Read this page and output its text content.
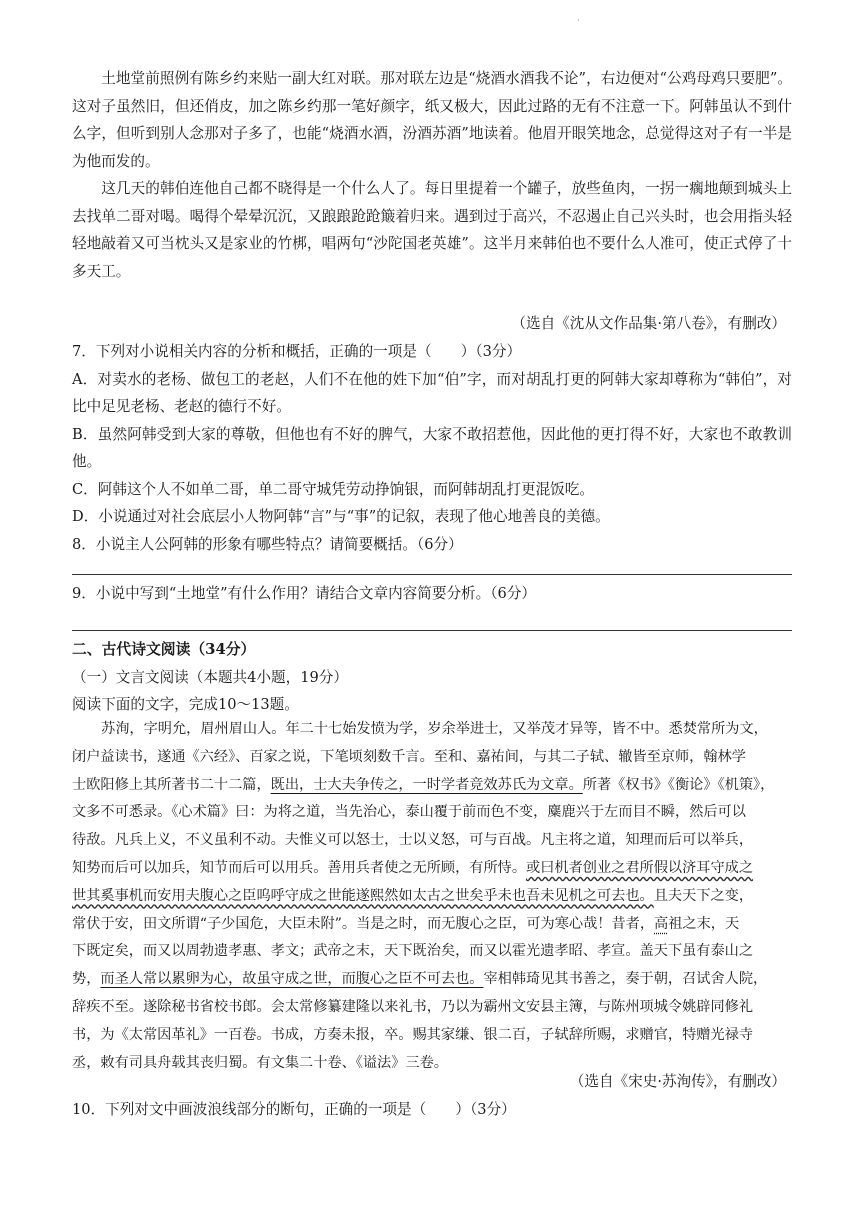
·

土地堂前照例有陈乡约来贴一副大红对联。那对联左边是“烧酒水酒我不论”，右边便对“公鸡母鸡只要肥”。这对子虽然旧，但还俏皮，加之陈乡约那一笔好颜字，纸又极大，因此过路的无有不注意一下。阿韩虽认不到什么字，但听到别人念那对子多了，也能“烧酒水酒，汾酒苏酒”地读着。他眉开眼笑地念，总觉得这对子有一半是为他而发的。

这几天的韩伯连他自己都不晓得是一个什么人了。每日里提着一个罐子，放些鱼肉，一拐一瘸地颠到城头上去找单二哥对喝。喝得个晕晕沉沉，又踉踉跄跄簸着归来。遇到过于高兴，不忍遏止自己兴头时，也会用指头轻轻地敲着又可当枕头又是家业的竹梆，唱两句“沙陀国老英雄”。这半月来韩伯也不要什么人准可，使正式停了十多天工。

（选自《沈从文作品集·第八卷》，有删改）

7．下列对小说相关内容的分析和概括，正确的一项是（　　）（3分）

A．对卖水的老杨、做包工的老赵，人们不在他的姓下加“伯”字，而对胡乱打更的阿韩大家却尊称为“韩伯”，对比中足见老杨、老赵的德行不好。

B．虽然阿韩受到大家的尊敬，但他也有不好的脾气，大家不敢招惹他，因此他的更打得不好，大家也不敢教训他。

C．阿韩这个人不如单二哥，单二哥守城凭劳动挣饷银，而阿韩胡乱打更混饭吃。

D．小说通过对社会底层小人物阿韩“言”与“事”的记叙，表现了他心地善良的美德。

8．小说主人公阿韩的形象有哪些特点？请简要概括。（6分）

9．小说中写到“土地堂”有什么作用？请结合文章内容简要分析。（6分）

二、古代诗文阅读（34分）

（一）文言文阅读（本题共4小题，19分）

阅读下面的文字，完成10～13题。

苏洵，字明允，眉州眉山人。年二十七始发愤为学，岁余举进士，又举茂才异等，皆不中。悉焚常所为文，

闭户益读书，遂通《六经》、百家之说，下笔顷刻数千言。至和、嘉祐间，与其二子轼、辙皆至京师，翰林学

士欧阳修上其所著书二十二篇，既出，士大夫争传之，一时学者竞效苏氏为文章。所著《权书》《衡论》《机策》，

文多不可悉录。《心术篇》曰：为将之道，当先治心，泰山覆于前而色不变，麋鹿兴于左而目不瞬，然后可以

待敌。凡兵上义，不义虽利不动。夫惟义可以怒士，士以义怒，可与百战。凡主将之道，知理而后可以举兵，

知势而后可以加兵，知节而后可以用兵。善用兵者使之无所顾，有所恃。或曰机者创业之君所假以济耳守成之

世其奚事机而安用夫腹心之臣呜呼守成之世能遂熙然如太古之世矣乎未也吾未见机之可去也。且夫天下之变，

常伏于安，田文所谓“子少国危，大臣未附”。当是之时，而无腹心之臣，可为寒心哉！昔者，高祖之末，天

下既定矣，而又以周勃遗孝惠、孝文；武帝之末，天下既治矣，而又以霍光遗孝昭、孝宣。盖天下虽有泰山之

势，而圣人常以累卵为心，故虽守成之世，而腹心之臣不可去也。宰相韩琦见其书善之，奏于朝，召试舍人院，

辞疾不至。遂除秘书省校书郎。会太常修纂建隆以来礼书，乃以为霸州文安县主簿，与陈州项城令姚辟同修礼

书，为《太常因革礼》一百卷。书成，方奏未报，卒。赐其家缣、银二百，子轼辞所赐，求赠官，特赠光禄寺

丞，敕有司具舟载其丧归蜀。有文集二十卷、《谥法》三卷。

（选自《宋史·苏洵传》，有删改）

10．下列对文中画波浪线部分的断句，正确的一项是（　　）（3分）
